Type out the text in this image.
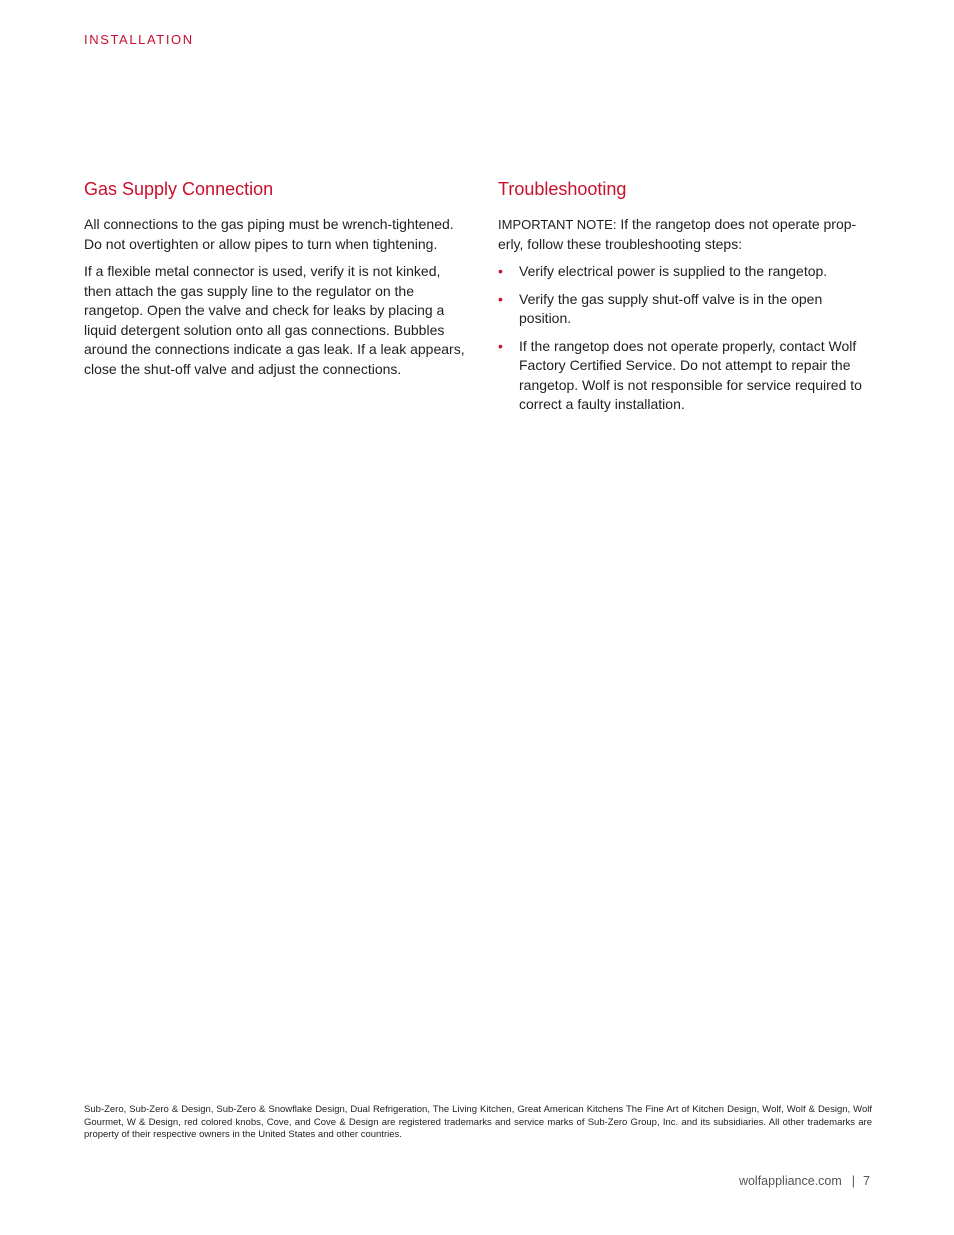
INSTALLATION
Gas Supply Connection

All connections to the gas piping must be wrench-tightened. Do not overtighten or allow pipes to turn when tightening.

If a flexible metal connector is used, verify it is not kinked, then attach the gas supply line to the regulator on the rangetop. Open the valve and check for leaks by placing a liquid detergent solution onto all gas connections. Bubbles around the connections indicate a gas leak. If a leak appears, close the shut-off valve and adjust the connections.

Troubleshooting

IMPORTANT NOTE: If the rangetop does not operate prop-erly, follow these troubleshooting steps:

• Verify electrical power is supplied to the rangetop.
• Verify the gas supply shut-off valve is in the open position.
• If the rangetop does not operate properly, contact Wolf Factory Certified Service. Do not attempt to repair the rangetop. Wolf is not responsible for service required to correct a faulty installation.
Sub-Zero, Sub-Zero & Design, Sub-Zero & Snowflake Design, Dual Refrigeration, The Living Kitchen, Great American Kitchens The Fine Art of Kitchen Design, Wolf, Wolf & Design, Wolf Gourmet, W & Design, red colored knobs, Cove, and Cove & Design are registered trademarks and service marks of Sub-Zero Group, Inc. and its subsidiaries. All other trademarks are property of their respective owners in the United States and other countries.
wolfappliance.com | 7
